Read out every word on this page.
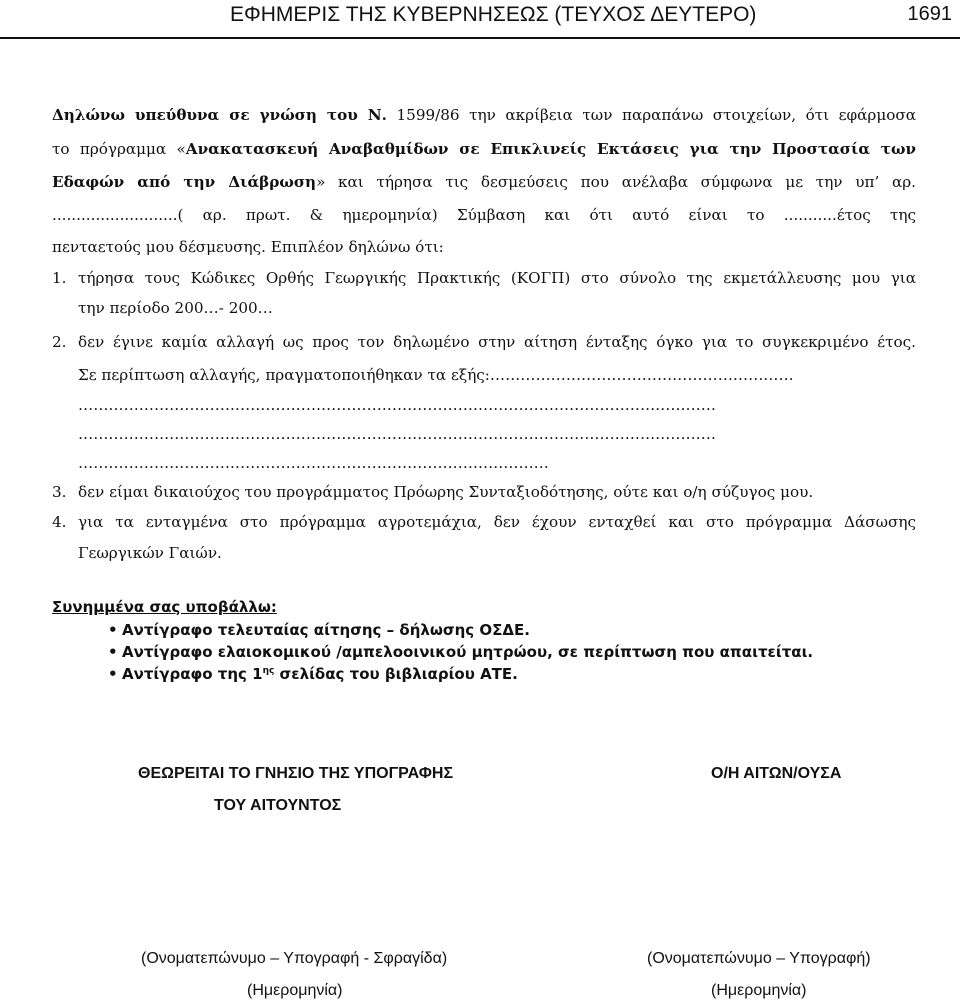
ΕΦΗΜΕΡΙΣ ΤΗΣ ΚΥΒΕΡΝΗΣΕΩΣ (ΤΕΥΧΟΣ ΔΕΥΤΕΡΟ)	1691
Δηλώνω υπεύθυνα σε γνώση του Ν. 1599/86 την ακρίβεια των παραπάνω στοιχείων, ότι εφάρμοσα
το πρόγραμμα «Ανακατασκευή Αναβαθμίδων σε Επικλινείς Εκτάσεις για την Προστασία των
Εδαφών από την Διάβρωση» και τήρησα τις δεσμεύσεις που ανέλαβα σύμφωνα με την υπ’ αρ.
..........................( αρ. πρωτ. & ημερομηνία) Σύμβαση και ότι αυτό είναι το ...........έτος της
πενταετούς μου δέσμευσης. Επιπλέον δηλώνω ότι:
1. τήρησα τους Κώδικες Ορθής Γεωργικής Πρακτικής (ΚΟΓΠ) στο σύνολο της εκμετάλλευσης μου για
την περίοδο 200…- 200…
2. δεν έγινε καμία αλλαγή ως προς τον δηλωμένο στην αίτηση ένταξης όγκο για το συγκεκριμένο έτος.
Σε περίπτωση αλλαγής, πραγματοποιήθηκαν τα εξής:……………………………………………………
………………………………………………………………………………………………………………
………………………………………………………………………………………………………………
…………………………………………………………………………………
3. δεν είμαι δικαιούχος του προγράμματος Πρόωρης Συνταξιοδότησης, ούτε και ο/η σύζυγος μου.
4. για τα ενταγμένα στο πρόγραμμα αγροτεμάχια, δεν έχουν ενταχθεί και στο πρόγραμμα Δάσωσης
Γεωργικών Γαιών.
Συνημμένα σας υποβάλλω:
• Αντίγραφο τελευταίας αίτησης – δήλωσης ΟΣΔΕ.
• Αντίγραφο ελαιοκομικού /αμπελοοινικού μητρώου, σε περίπτωση που απαιτείται.
• Αντίγραφο της $1^{\eta\varsigma}$ σελίδας του βιβλιαρίου ΑΤΕ.
ΘΕΩΡΕΙΤΑΙ ΤΟ ΓΝΗΣΙΟ ΤΗΣ ΥΠΟΓΡΑΦΗΣ
ΤΟΥ ΑΙΤΟΥΝΤΟΣ
Ο/Η ΑΙΤΩΝ/ΟΥΣΑ
(Ονοματεπώνυμο – Υπογραφή - Σφραγίδα)
(Ημερομηνία)
(Ονοματεπώνυμο – Υπογραφή)
(Ημερομηνία)
